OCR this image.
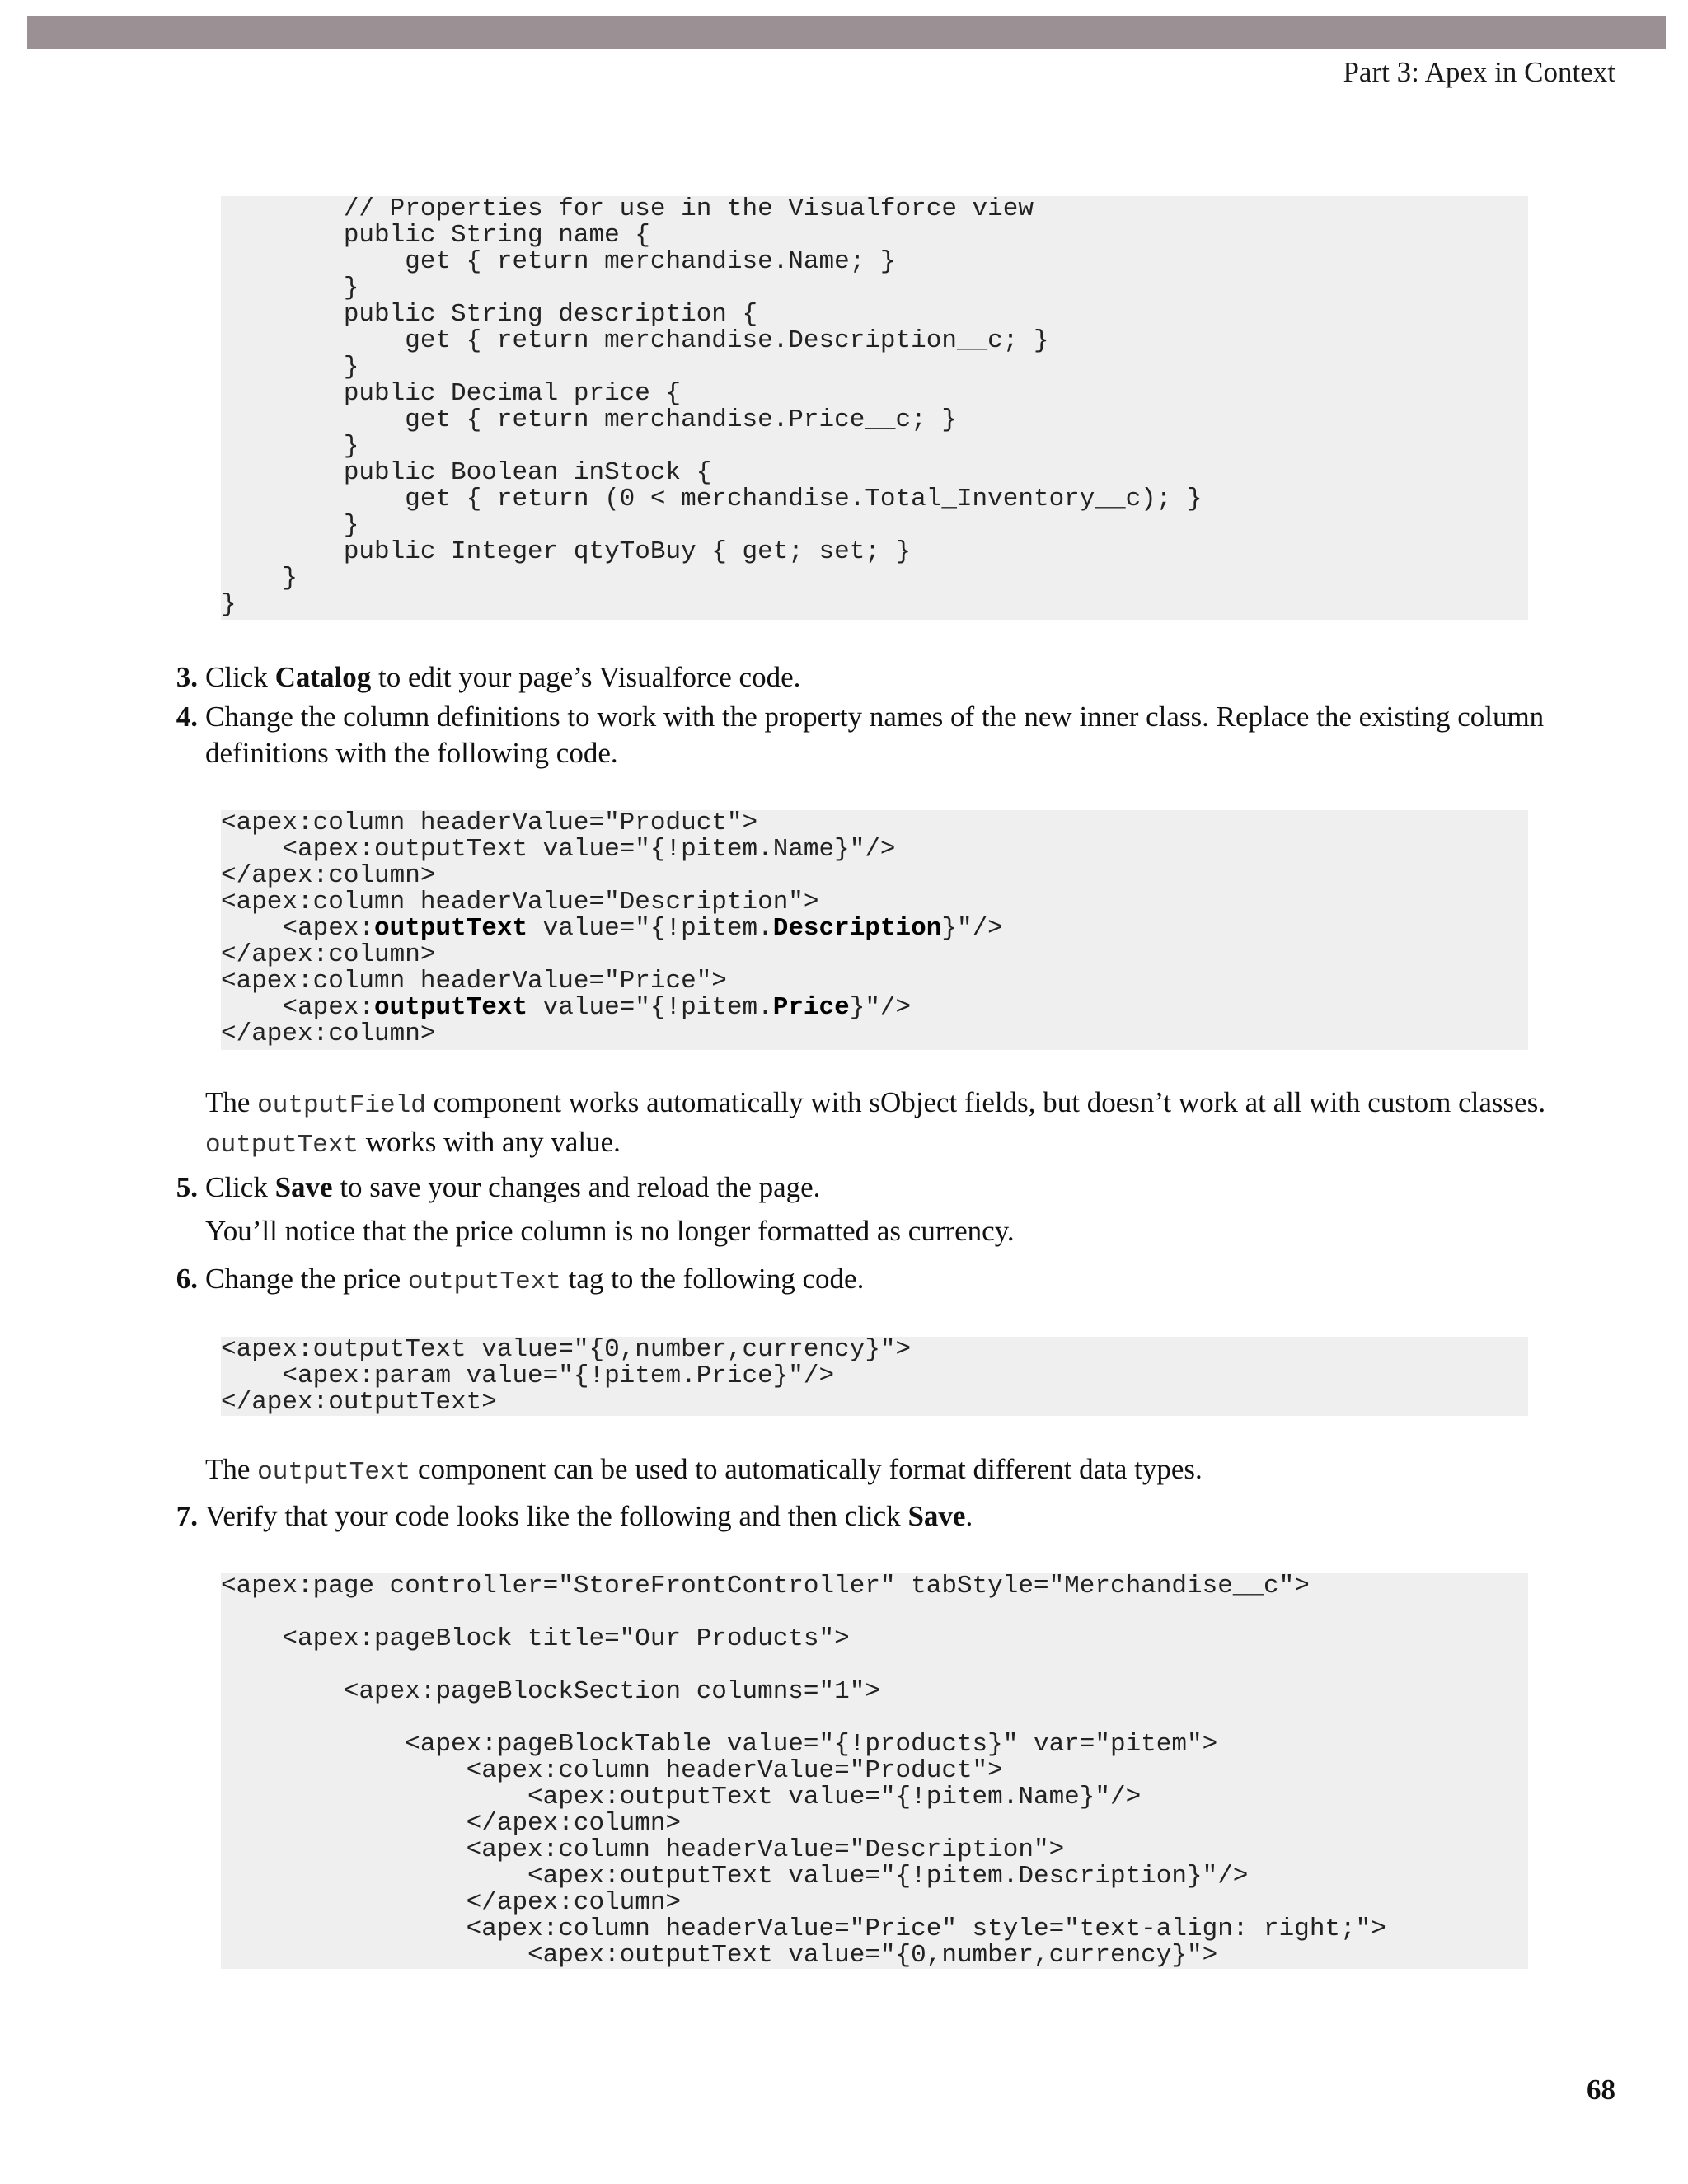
Part 3: Apex in Context
// Properties for use in the Visualforce view
public String name {
get { return merchandise.Name; }
}
public String description {
get { return merchandise.Description__c; }
}
public Decimal price {
get { return merchandise.Price__c; }
}
public Boolean inStock {
get { return (0 < merchandise.Total_Inventory__c); }
}
public Integer qtyToBuy { get; set; }
}
}
3. Click Catalog to edit your page’s Visualforce code.
4. Change the column definitions to work with the property names of the new inner class. Replace the existing column
definitions with the following code.
<apex:column headerValue="Product">
<apex:outputText value="{!pitem.Name}"/>
</apex:column>
<apex:column headerValue="Description">
<apex:outputText value="{!pitem.Description}"/>
</apex:column>
<apex:column headerValue="Price">
<apex:outputText value="{!pitem.Price}"/>
</apex:column>
The outputField component works automatically with sObject fields, but doesn’t work at all with custom classes.
outputText works with any value.
5. Click Save to save your changes and reload the page.
You’ll notice that the price column is no longer formatted as currency.
6. Change the price outputText tag to the following code.
<apex:outputText value="{0,number,currency}">
<apex:param value="{!pitem.Price}"/>
</apex:outputText>
The outputText component can be used to automatically format different data types.
7. Verify that your code looks like the following and then click Save.
<apex:page controller="StoreFrontController" tabStyle="Merchandise__c">
<apex:pageBlock title="Our Products">
<apex:pageBlockSection columns="1">
<apex:pageBlockTable value="{!products}" var="pitem">
<apex:column headerValue="Product">
<apex:outputText value="{!pitem.Name}"/>
</apex:column>
<apex:column headerValue="Description">
<apex:outputText value="{!pitem.Description}"/>
</apex:column>
<apex:column headerValue="Price" style="text-align: right;">
<apex:outputText value="{0,number,currency}">
68
